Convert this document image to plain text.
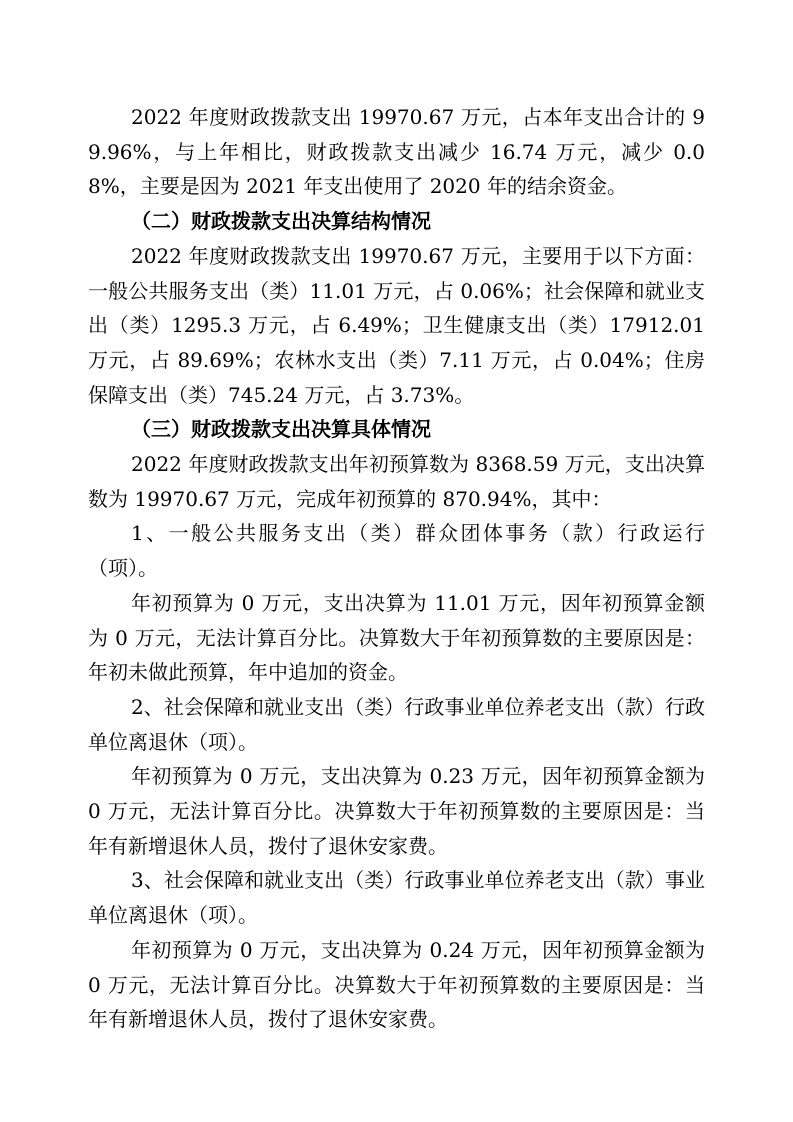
2022 年度财政拨款支出 19970.67 万元，占本年支出合计的 99.96%，与上年相比，财政拨款支出减少 16.74 万元，减少 0.08%，主要是因为 2021 年支出使用了 2020 年的结余资金。

（二）财政拨款支出决算结构情况

2022 年度财政拨款支出 19970.67 万元，主要用于以下方面：一般公共服务支出（类）11.01 万元，占 0.06%；社会保障和就业支出（类）1295.3 万元，占 6.49%；卫生健康支出（类）17912.01 万元，占 89.69%；农林水支出（类）7.11 万元，占 0.04%；住房保障支出（类）745.24 万元，占 3.73%。

（三）财政拨款支出决算具体情况

2022 年度财政拨款支出年初预算数为 8368.59 万元，支出决算数为 19970.67 万元，完成年初预算的 870.94%，其中：

1、一般公共服务支出（类）群众团体事务（款）行政运行（项）。

年初预算为 0 万元，支出决算为 11.01 万元，因年初预算金额为 0 万元，无法计算百分比。决算数大于年初预算数的主要原因是：年初未做此预算，年中追加的资金。

2、社会保障和就业支出（类）行政事业单位养老支出（款）行政单位离退休（项）。

年初预算为 0 万元，支出决算为 0.23 万元，因年初预算金额为 0 万元，无法计算百分比。决算数大于年初预算数的主要原因是：当年有新增退休人员，拨付了退休安家费。

3、社会保障和就业支出（类）行政事业单位养老支出（款）事业单位离退休（项）。

年初预算为 0 万元，支出决算为 0.24 万元，因年初预算金额为 0 万元，无法计算百分比。决算数大于年初预算数的主要原因是：当年有新增退休人员，拨付了退休安家费。
